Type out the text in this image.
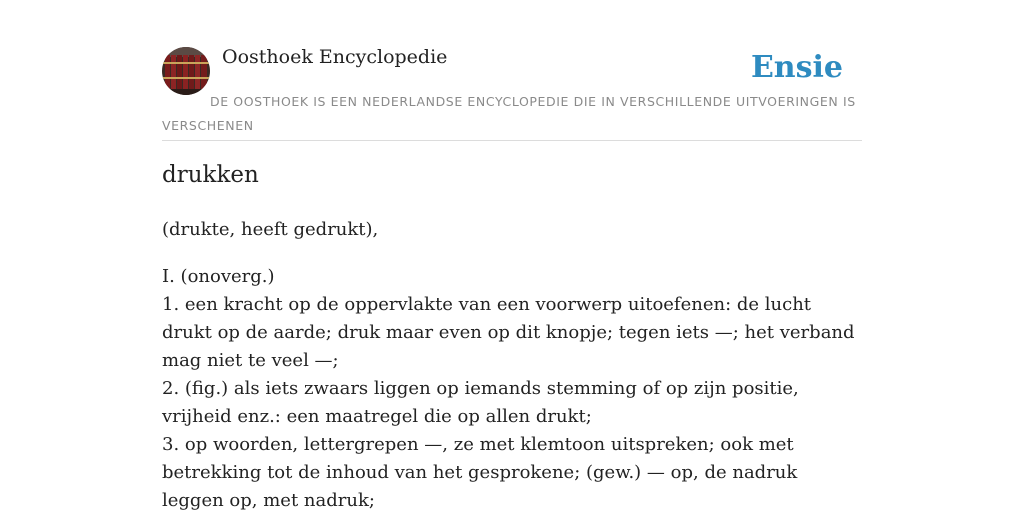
Oosthoek Encyclopedie	Ensie
DE OOSTHOEK IS EEN NEDERLANDSE ENCYCLOPEDIE DIE IN VERSCHILLENDE UITVOERINGEN IS VERSCHENEN
drukken

(drukte, heeft gedrukt),

I. (onoverg.)
1. een kracht op de oppervlakte van een voorwerp uitoefenen: de lucht drukt op de aarde; druk maar even op dit knopje; tegen iets —; het verband mag niet te veel —;
2. (fig.) als iets zwaars liggen op iemands stemming of op zijn positie, vrijheid enz.: een maatregel die op allen drukt;
3. op woorden, lettergrepen —, ze met klemtoon uitspreken; ook met betrekking tot de inhoud van het gesprokene; (gew.) — op, de nadruk leggen op, met nadruk;
